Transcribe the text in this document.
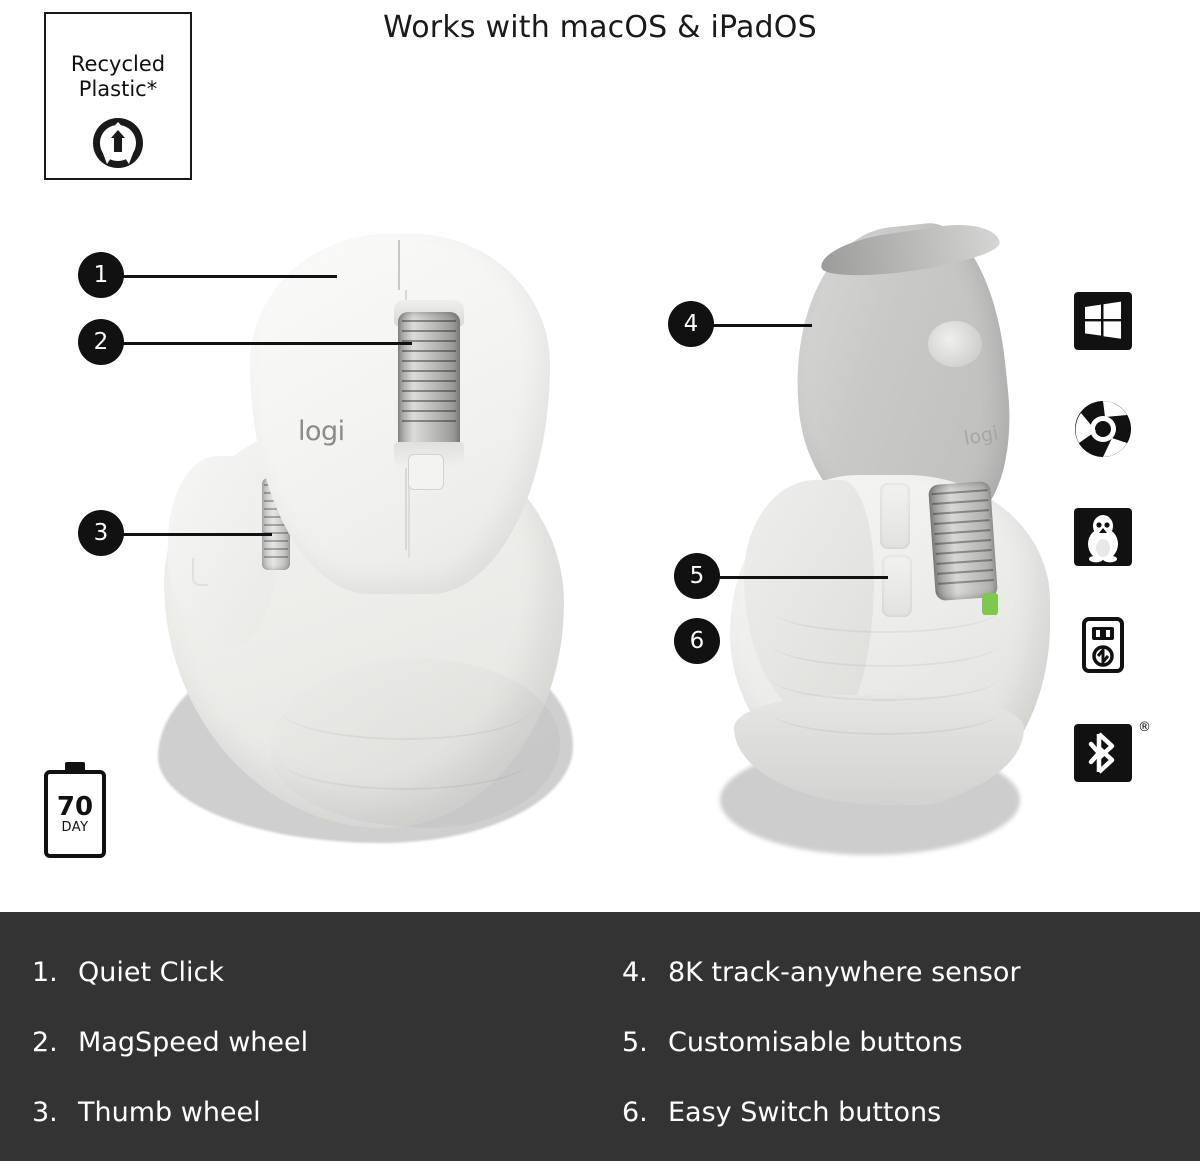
Works with macOS & iPadOS
Recycled
Plastic*
70
DAY
logi	logi
1
2
3
4
5
6
®
1. Quiet Click
2. MagSpeed wheel
3. Thumb wheel
4. 8K track-anywhere sensor
5. Customisable buttons
6. Easy Switch buttons
